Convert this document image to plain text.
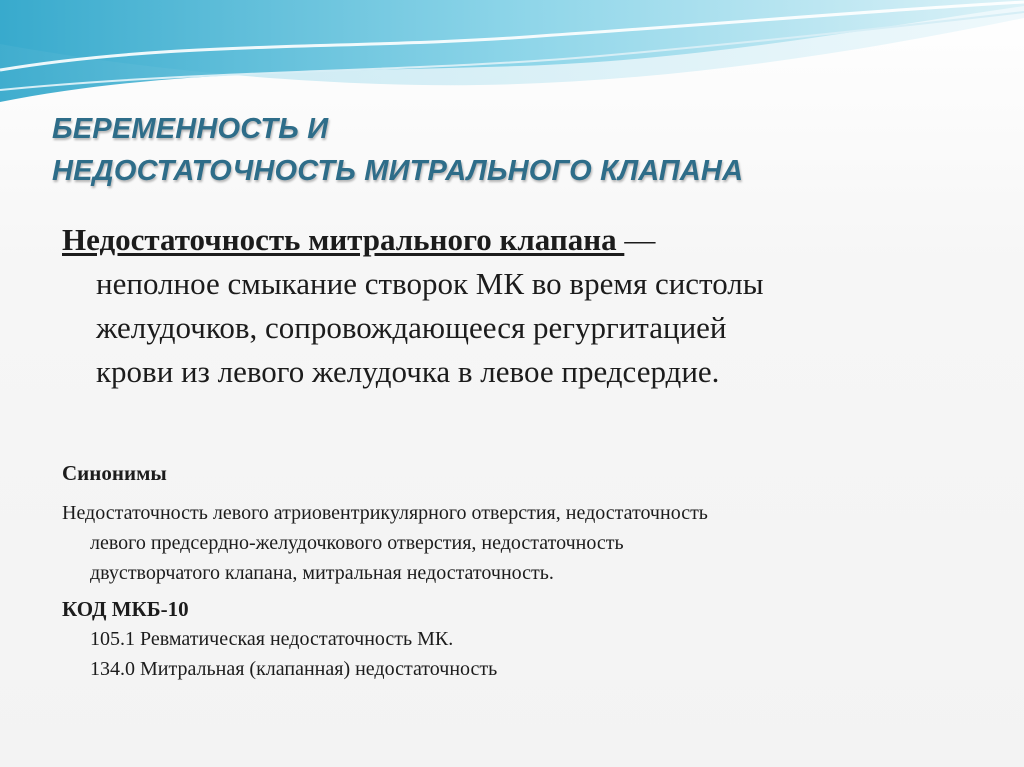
БЕРЕМЕННОСТЬ И
НЕДОСТАТОЧНОСТЬ МИТРАЛЬНОГО КЛАПАНА
Недостаточность митрального клапана —
неполное смыкание створок МК во время систолы
желудочков, сопровождающееся регургитацией
крови из левого желудочка в левое предсердие.
Синонимы
Недостаточность левого атриовентрикулярного отверстия, недостаточность
левого предсердно-желудочкового отверстия, недостаточность
двустворчатого клапана, митральная недостаточность.
КОД МКБ-10
105.1 Ревматическая недостаточность МК.
134.0 Митральная (клапанная) недостаточность
